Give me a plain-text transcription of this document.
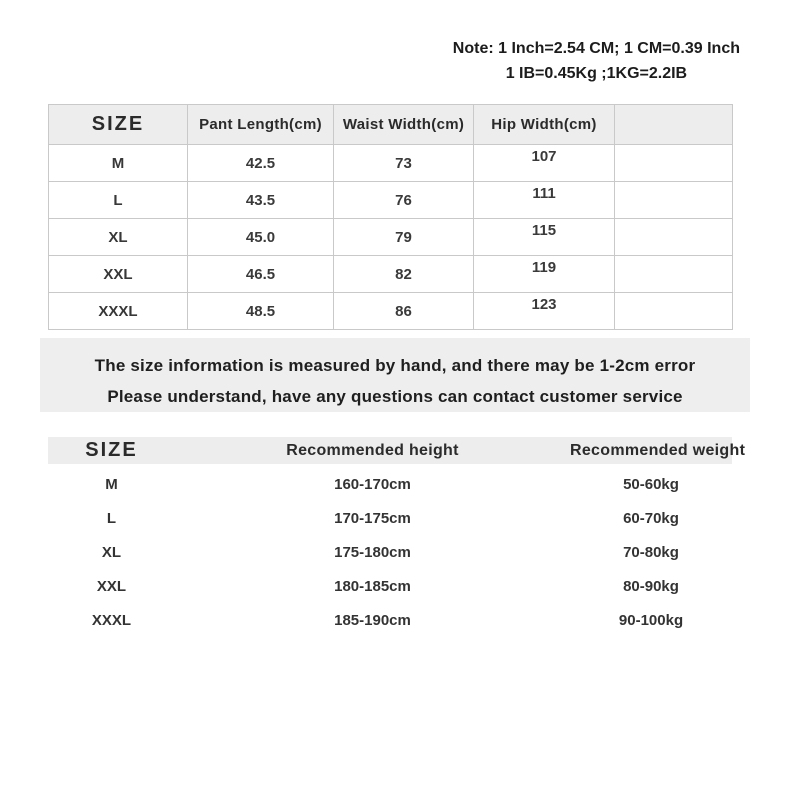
Note: 1 Inch=2.54 CM; 1 CM=0.39 Inch
1 IB=0.45Kg ;1KG=2.2IB
SIZE	Pant Length(cm)	Waist Width(cm)	Hip Width(cm)	
M	42.5	73	107	
L	43.5	76	111	
XL	45.0	79	115	
XXL	46.5	82	119	
XXXL	48.5	86	123	
The size information is measured by hand, and there may be 1-2cm error
Please understand, have any questions can contact customer service
SIZE	Recommended height	Recommended weight
M	160-170cm	50-60kg
L	170-175cm	60-70kg
XL	175-180cm	70-80kg
XXL	180-185cm	80-90kg
XXXL	185-190cm	90-100kg
